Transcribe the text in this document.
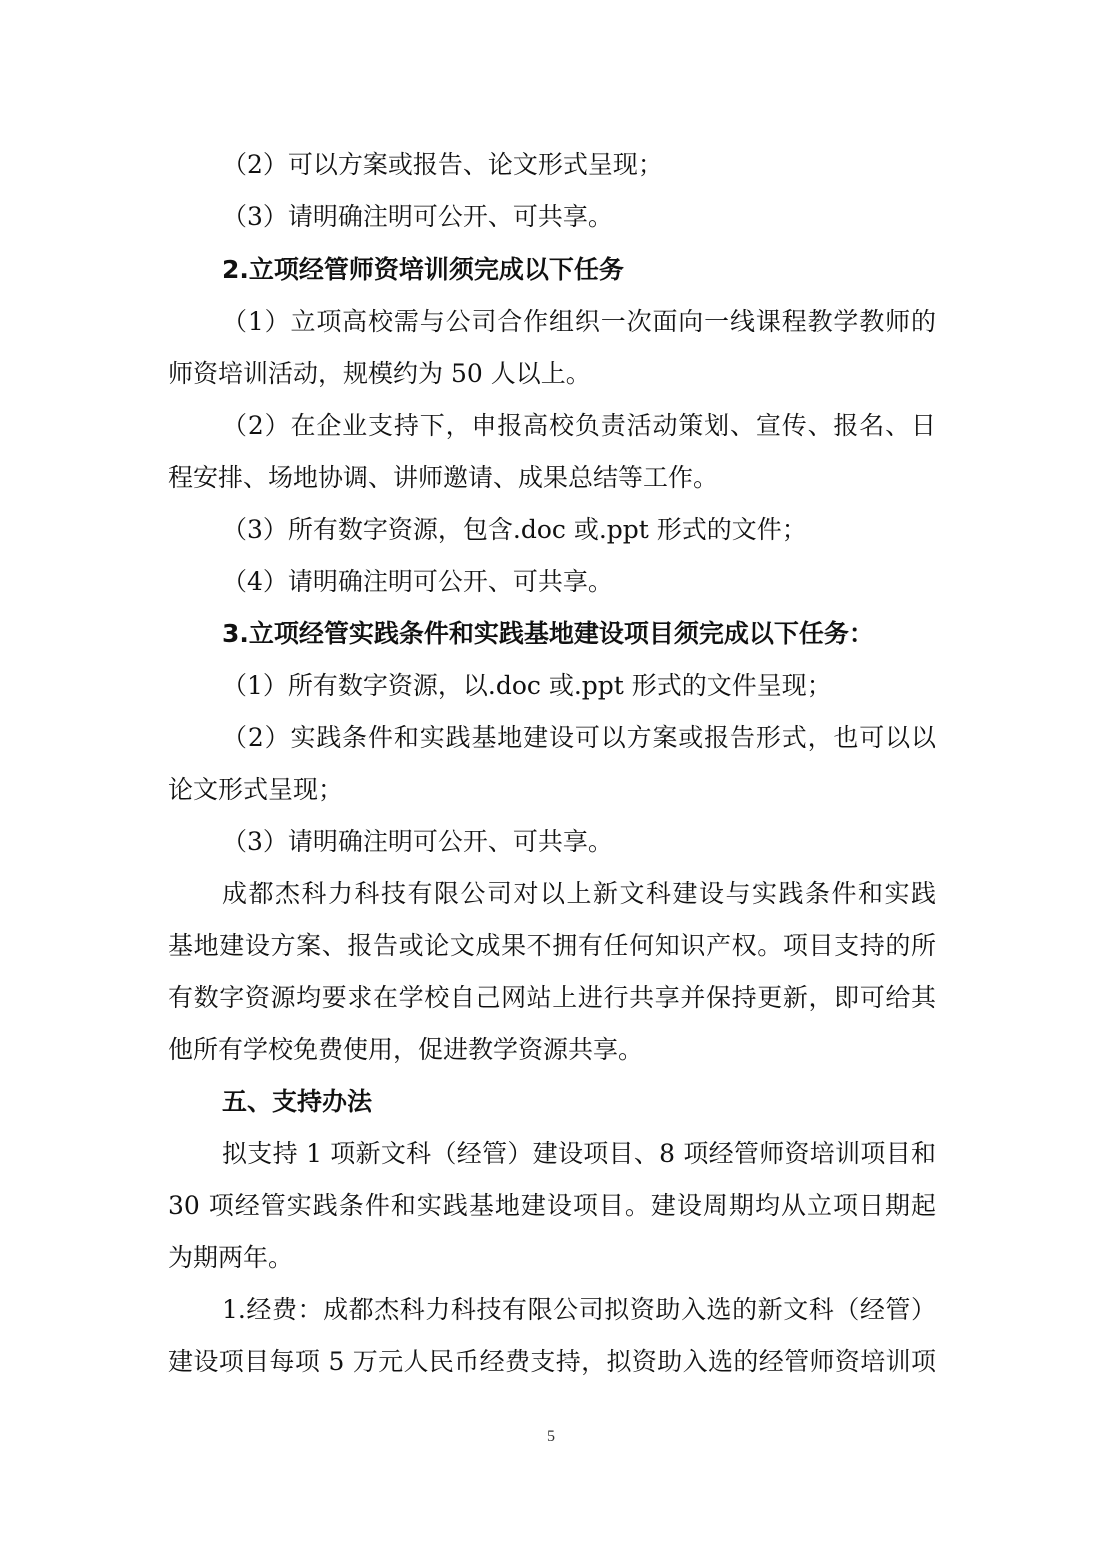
（2）可以方案或报告、论文形式呈现；
（3）请明确注明可公开、可共享。
2.立项经管师资培训须完成以下任务
（1）立项高校需与公司合作组织一次面向一线课程教学教师的
师资培训活动，规模约为 50 人以上。
（2）在企业支持下，申报高校负责活动策划、宣传、报名、日
程安排、场地协调、讲师邀请、成果总结等工作。
（3）所有数字资源，包含.doc 或.ppt 形式的文件；
（4）请明确注明可公开、可共享。
3.立项经管实践条件和实践基地建设项目须完成以下任务：
（1）所有数字资源，以.doc 或.ppt 形式的文件呈现；
（2）实践条件和实践基地建设可以方案或报告形式，也可以以
论文形式呈现；
（3）请明确注明可公开、可共享。
成都杰科力科技有限公司对以上新文科建设与实践条件和实践
基地建设方案、报告或论文成果不拥有任何知识产权。项目支持的所
有数字资源均要求在学校自己网站上进行共享并保持更新，即可给其
他所有学校免费使用，促进教学资源共享。
五、支持办法
拟支持 1 项新文科（经管）建设项目、8 项经管师资培训项目和
30 项经管实践条件和实践基地建设项目。建设周期均从立项日期起
为期两年。
1.经费：成都杰科力科技有限公司拟资助入选的新文科（经管）
建设项目每项 5 万元人民币经费支持，拟资助入选的经管师资培训项
5
